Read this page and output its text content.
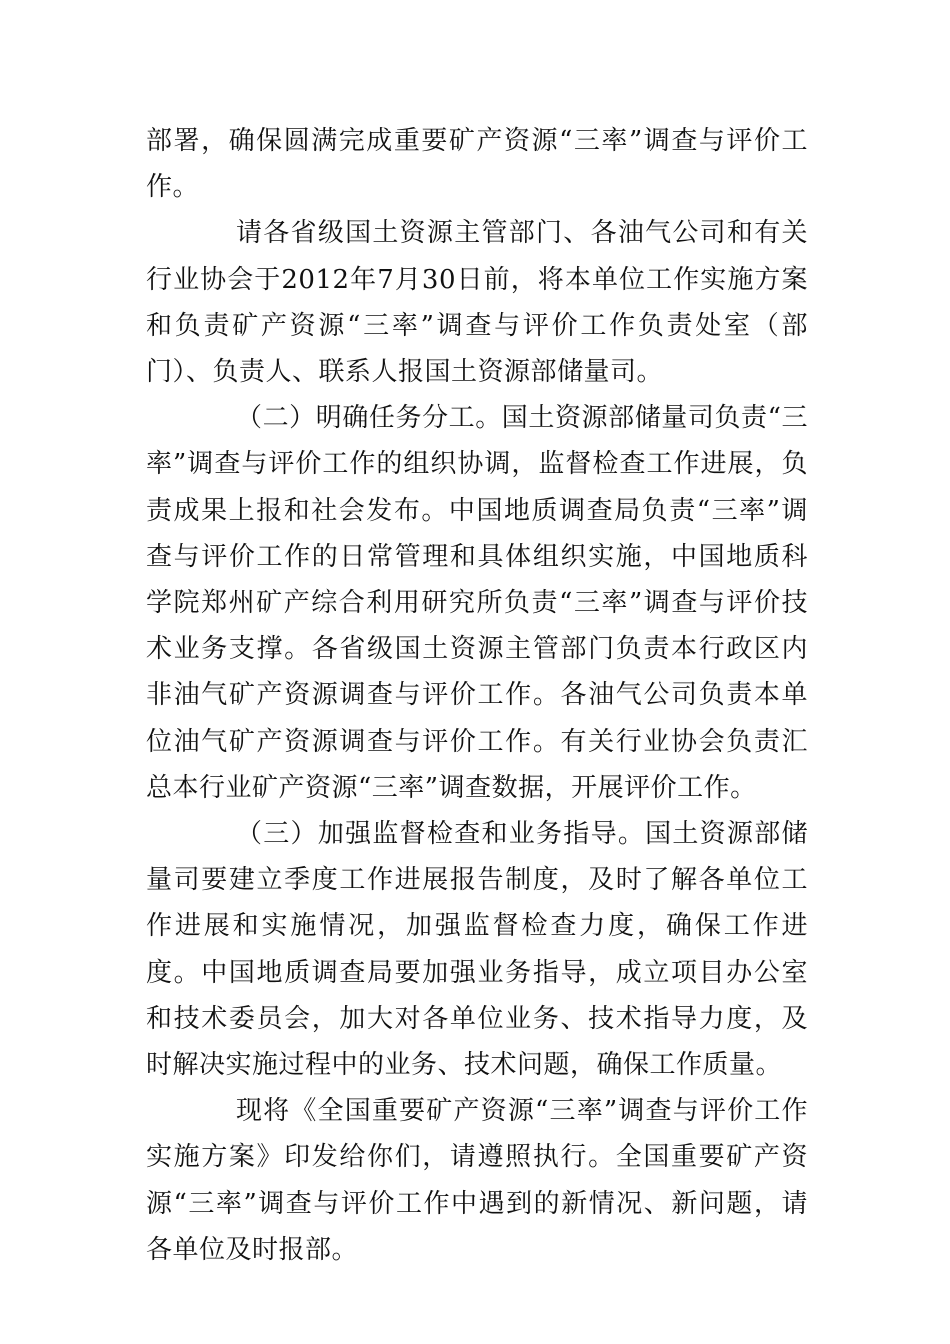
部署，确保圆满完成重要矿产资源“三率”调查与评价工作。

请各省级国土资源主管部门、各油气公司和有关行业协会于2012年7月30日前，将本单位工作实施方案和负责矿产资源“三率”调查与评价工作负责处室（部门）、负责人、联系人报国土资源部储量司。

（二）明确任务分工。国土资源部储量司负责“三率”调查与评价工作的组织协调，监督检查工作进展，负责成果上报和社会发布。中国地质调查局负责“三率”调查与评价工作的日常管理和具体组织实施，中国地质科学院郑州矿产综合利用研究所负责“三率”调查与评价技术业务支撑。各省级国土资源主管部门负责本行政区内非油气矿产资源调查与评价工作。各油气公司负责本单位油气矿产资源调查与评价工作。有关行业协会负责汇总本行业矿产资源“三率”调查数据，开展评价工作。

（三）加强监督检查和业务指导。国土资源部储量司要建立季度工作进展报告制度，及时了解各单位工作进展和实施情况，加强监督检查力度，确保工作进度。中国地质调查局要加强业务指导，成立项目办公室和技术委员会，加大对各单位业务、技术指导力度，及时解决实施过程中的业务、技术问题，确保工作质量。

现将《全国重要矿产资源“三率”调查与评价工作实施方案》印发给你们，请遵照执行。全国重要矿产资源“三率”调查与评价工作中遇到的新情况、新问题，请各单位及时报部。
